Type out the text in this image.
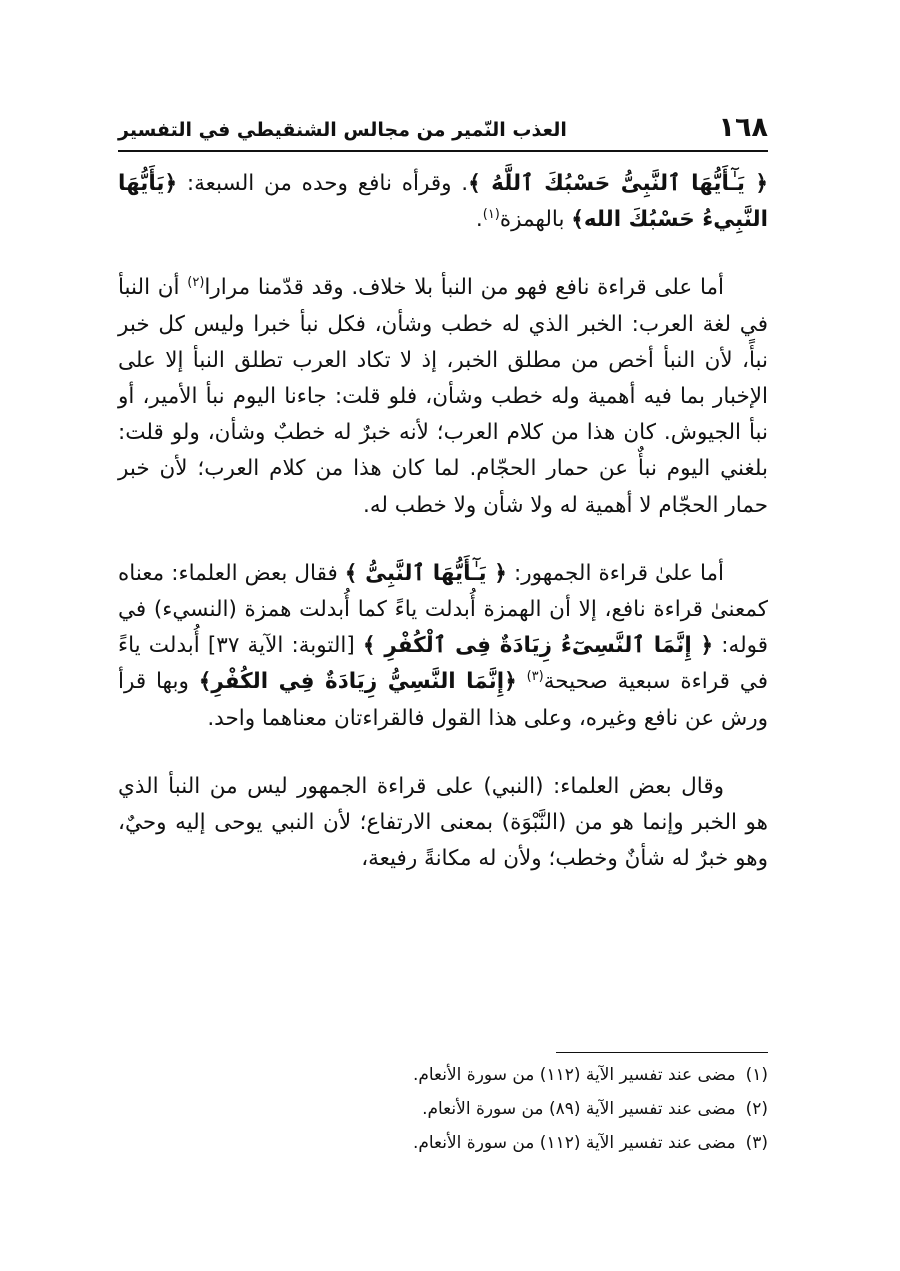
١٦٨
العذب النّمير من مجالس الشنقيطي في التفسير

﴿ يَـٰٓأَيُّهَا ٱلنَّبِىُّ حَسْبُكَ ٱللَّهُ ﴾. وقرأه نافع وحده من السبعة: ﴿يَأَيُّهَا النَّبِيءُ حَسْبُكَ الله﴾ بالهمزة$^{(١)}$.

أما على قراءة نافع فهو من النبأ بلا خلاف. وقد قدّمنا مرارا$^{(٢)}$ أن النبأ في لغة العرب: الخبر الذي له خطب وشأن، فكل نبأ خبرا وليس كل خبر نبأً، لأن النبأ أخص من مطلق الخبر، إذ لا تكاد العرب تطلق النبأ إلا على الإخبار بما فيه أهمية وله خطب وشأن، فلو قلت: جاءنا اليوم نبأ الأمير، أو نبأ الجيوش. كان هذا من كلام العرب؛ لأنه خبرٌ له خطبٌ وشأن، ولو قلت: بلغني اليوم نبأٌ عن حمار الحجّام. لما كان هذا من كلام العرب؛ لأن خبر حمار الحجّام لا أهمية له ولا شأن ولا خطب له.

أما علىٰ قراءة الجمهور: ﴿ يَـٰٓأَيُّهَا ٱلنَّبِىُّ ﴾ فقال بعض العلماء: معناه كمعنىٰ قراءة نافع، إلا أن الهمزة أُبدلت ياءً كما أُبدلت همزة (النسيء) في قوله: ﴿ إِنَّمَا ٱلنَّسِىٓءُ زِيَادَةٌ فِى ٱلْكُفْرِ ﴾ [التوبة: الآية ٣٧] أُبدلت ياءً في قراءة سبعية صحيحة$^{(٣)}$ ﴿إِنَّمَا النَّسِيُّ زِيَادَةٌ فِي الكُفْرِ﴾ وبها قرأ ورش عن نافع وغيره، وعلى هذا القول فالقراءتان معناهما واحد.

وقال بعض العلماء: (النبي) على قراءة الجمهور ليس من النبأ الذي هو الخبر وإنما هو من (النَّبْوَة) بمعنى الارتفاع؛ لأن النبي يوحى إليه وحيٌ، وهو خبرٌ له شأنٌ وخطب؛ ولأن له مكانةً رفيعة،

(١)مضى عند تفسير الآية (١١٢) من سورة الأنعام.
(٢)مضى عند تفسير الآية (٨٩) من سورة الأنعام.
(٣)مضى عند تفسير الآية (١١٢) من سورة الأنعام.
